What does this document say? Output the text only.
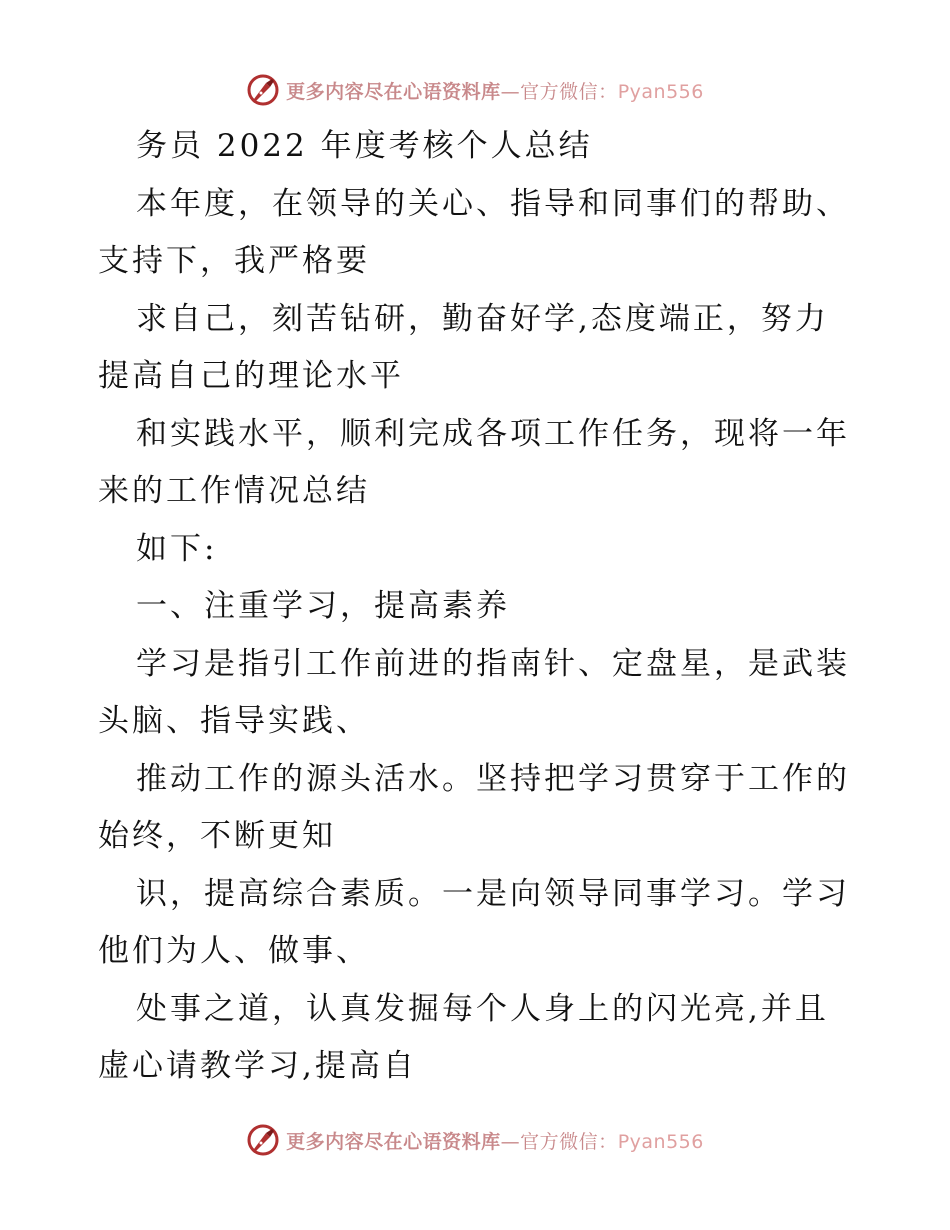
更多内容尽在心语资料库—官方微信：Pyan556
务员 2022 年度考核个人总结
本年度，在领导的关心、指导和同事们的帮助、
支持下，我严格要
求自己，刻苦钻研，勤奋好学,态度端正，努力
提高自己的理论水平
和实践水平，顺利完成各项工作任务，现将一年
来的工作情况总结
如下:
一、注重学习，提高素养
学习是指引工作前进的指南针、定盘星，是武装
头脑、指导实践、
推动工作的源头活水。坚持把学习贯穿于工作的
始终，不断更知
识，提高综合素质。一是向领导同事学习。学习
他们为人、做事、
处事之道，认真发掘每个人身上的闪光亮,并且
虚心请教学习,提高自
更多内容尽在心语资料库—官方微信：Pyan556
